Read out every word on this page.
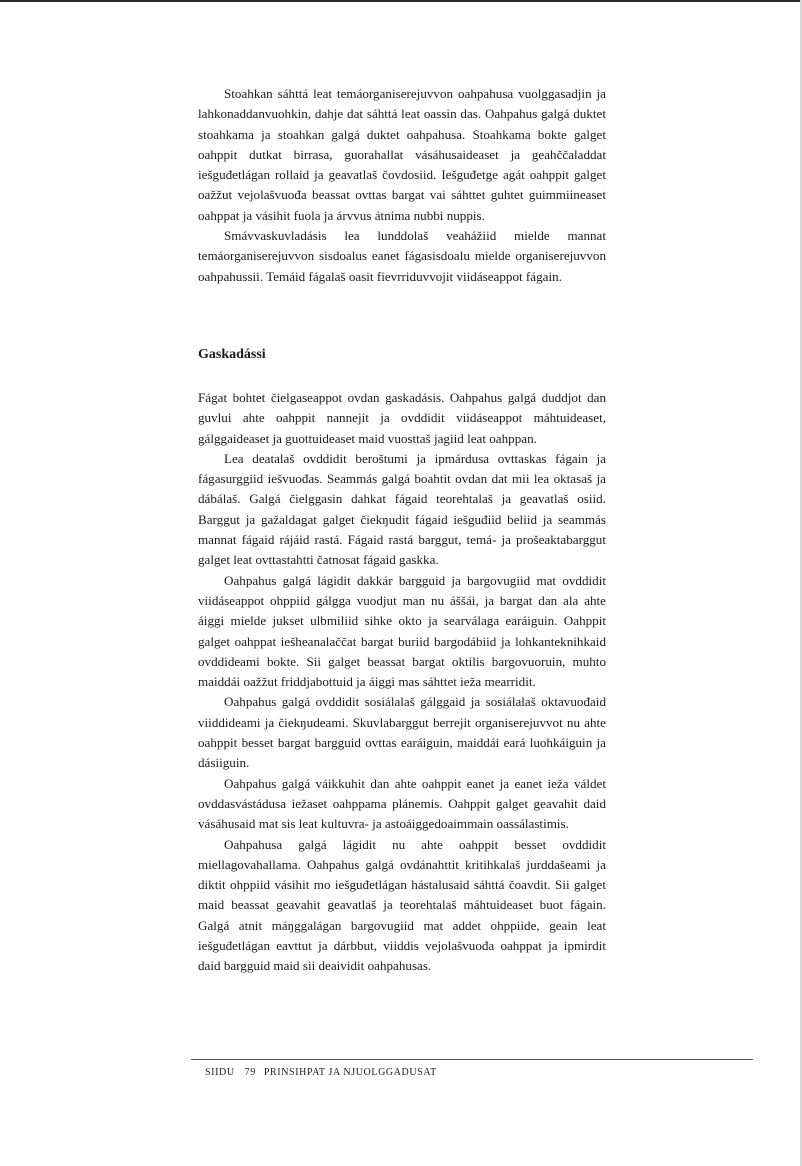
Stoahkan sáhttá leat temáorganiserejuvvon oahpahusa vuolggasadjin ja lahkonaddanvuohkin, dahje dat sáhttá leat oassin das. Oahpahus galgá duktet stoahkama ja stoahkan galgá duktet oahpahusa. Stoahkama bokte galget oahppit dutkat birrasa, guorahallat vásáhusaideaset ja geahččaladdat iešguđetlágan rollaid ja geavatlaš čovdosiid. Iešguđetge agát oahppit galget oažžut vejolašvuođa beassat ovttas bargat vai sáhttet guhtet guimmiineaset oahppat ja vásihit fuola ja árvvus átnima nubbi nuppis.

Smávvaskuvladásis lea lunddolaš veahážiid mielde mannat temáorganiserejuvvon sisdoalus eanet fágasisdoalu mielde organiserejuvvon oahpahussii. Temáid fágalaš oasit fievrriduvvojit viidáseappot fágain.

Gaskadássi

Fágat bohtet čielgaseappot ovdan gaskadásis. Oahpahus galgá duddjot dan guvlui ahte oahppit nannejit ja ovddidit viidáseappot máhtuideaset, gálggaideaset ja guottuideaset maid vuosttaš jagiid leat oahppan.

Lea deatalaš ovddidit beroštumi ja ipmárdusa ovttaskas fágain ja fágasurggiid iešvuođas. Seammás galgá boahtit ovdan dat mii lea oktasaš ja dábálaš. Galgá čielggasin dahkat fágaid teorehtalaš ja geavatlaš osiid. Barggut ja gažaldagat galget čiekŋudit fágaid iešguđiid beliid ja seammás mannat fágaid rájáid rastá. Fágaid rastá barggut, temá- ja prošeaktabarggut galget leat ovttastahtti čatnosat fágaid gaskka.

Oahpahus galgá lágidit dakkár bargguid ja bargovugiid mat ovddidit viidáseappot ohppiid gálgga vuodjut man nu áššái, ja bargat dan ala ahte áiggi mielde jukset ulbmiliid sihke okto ja searválaga earáiguin. Oahppit galget oahppat iešheanalaččat bargat buriid bargodábiid ja lohkanteknihkaid ovddideami bokte. Sii galget beassat bargat oktilis bargovuoruin, muhto maiddái oažžut friddjabottuid ja áiggi mas sáhttet ieža mearridit.

Oahpahus galgá ovddidit sosiálalaš gálggaid ja sosiálalaš oktavuođaid viiddideami ja čiekŋudeami. Skuvlabarggut berrejit organiserejuvvot nu ahte oahppit besset bargat bargguid ovttas earáiguin, maiddái eará luohkáiguin ja dásiiguin.

Oahpahus galgá váikkuhit dan ahte oahppit eanet ja eanet ieža váldet ovddasvástádusa iežaset oahppama plánemis. Oahppit galget geavahit daid vásáhusaid mat sis leat kultuvra- ja astoáiggedoaimmain oassálastimis.

Oahpahusa galgá lágidit nu ahte oahppit besset ovddidit miellagovahallama. Oahpahus galgá ovdánahttit kritihkalaš jurddašeami ja diktit ohppiid vásihit mo iešguđetlágan hástalusaid sáhttá čoavdit. Sii galget maid beassat geavahit geavatlaš ja teorehtalaš máhtuideaset buot fágain. Galgá atnit máŋggalágan bargovugiid mat addet ohppiide, geain leat iešguđetlágan eavttut ja dárbbut, viiddis vejolašvuođa oahppat ja ipmirdit daid bargguid maid sii deaividit oahpahusas.

SIIDU 79 PRINSIHPAT JA NJUOLGGADUSAT
